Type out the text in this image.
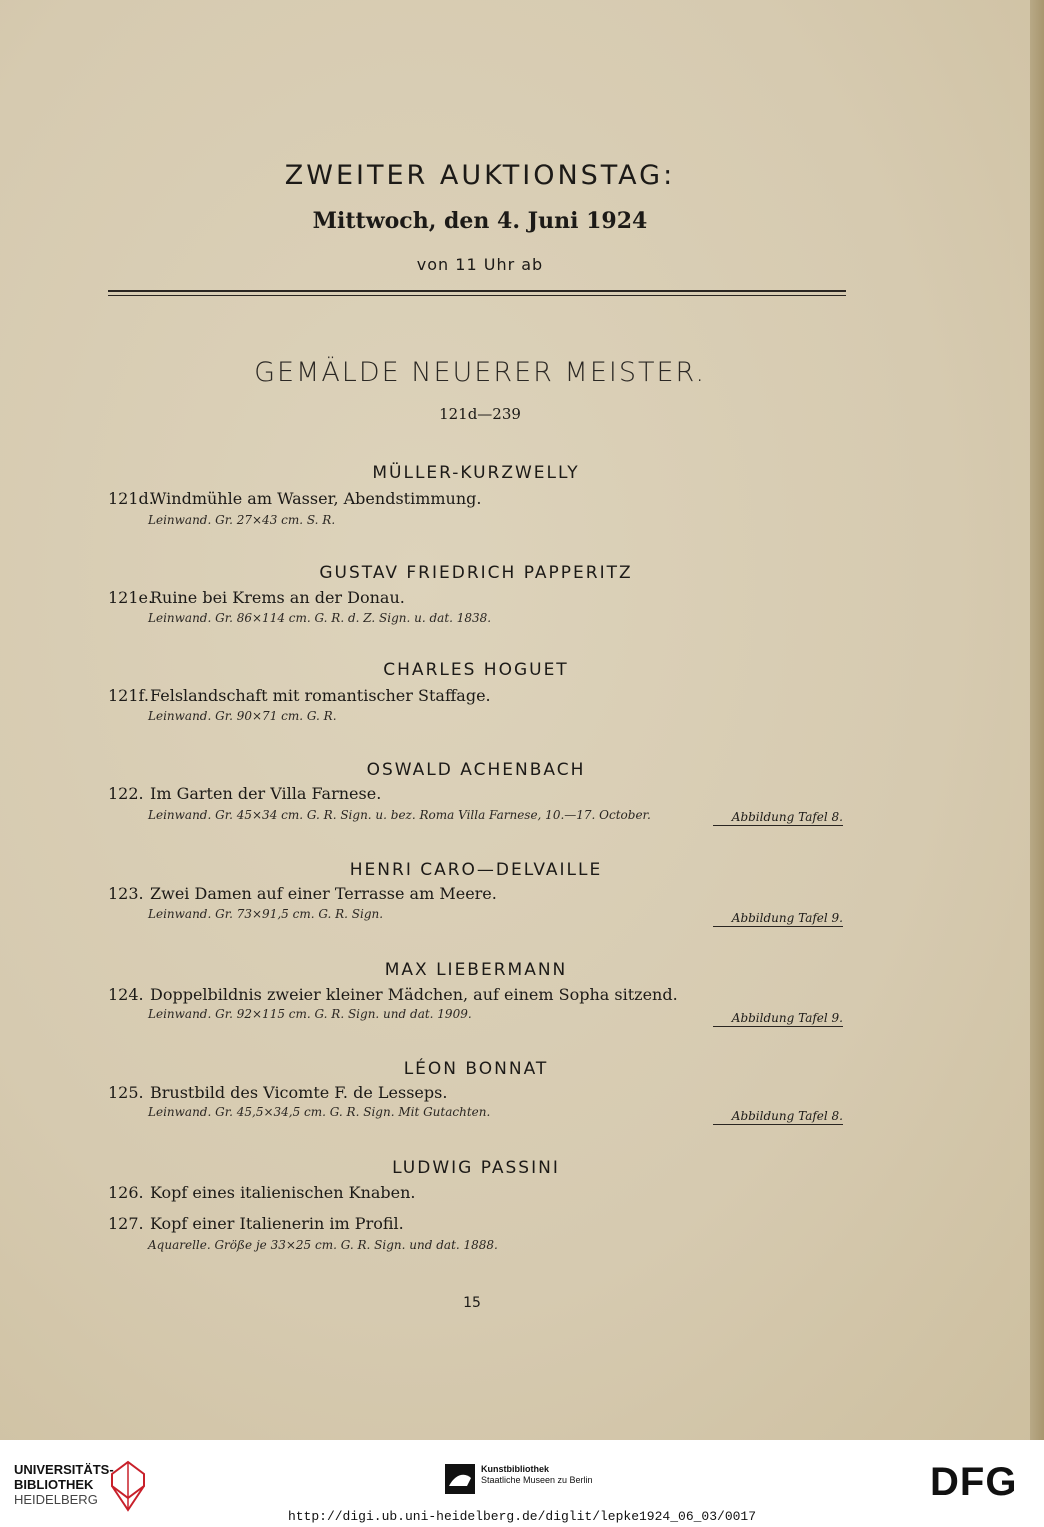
ZWEITER AUKTIONSTAG:
Mittwoch, den 4. Juni 1924
von 11 Uhr ab
GEMÄLDE NEUERER MEISTER.
121d—239
MÜLLER-KURZWELLY
121d.Windmühle am Wasser, Abendstimmung.
Leinwand. Gr. 27×43 cm. S. R.
GUSTAV FRIEDRICH PAPPERITZ
121e.Ruine bei Krems an der Donau.
Leinwand. Gr. 86×114 cm. G. R. d. Z. Sign. u. dat. 1838.
CHARLES HOGUET
121f.Felslandschaft mit romantischer Staffage.
Leinwand. Gr. 90×71 cm. G. R.
OSWALD ACHENBACH
122. Im Garten der Villa Farnese.
Leinwand. Gr. 45×34 cm. G. R. Sign. u. bez. Roma Villa Farnese, 10.—17. October.	Abbildung Tafel 8.
HENRI CARO—DELVAILLE
123. Zwei Damen auf einer Terrasse am Meere.
Leinwand. Gr. 73×91,5 cm. G. R. Sign.	Abbildung Tafel 9.
MAX LIEBERMANN
124. Doppelbildnis zweier kleiner Mädchen, auf einem Sopha sitzend.
Leinwand. Gr. 92×115 cm. G. R. Sign. und dat. 1909.	Abbildung Tafel 9.
LÉON BONNAT
125. Brustbild des Vicomte F. de Lesseps.
Leinwand. Gr. 45,5×34,5 cm. G. R. Sign. Mit Gutachten.	Abbildung Tafel 8.
LUDWIG PASSINI
126. Kopf eines italienischen Knaben.
127. Kopf einer Italienerin im Profil.
Aquarelle. Größe je 33×25 cm. G. R. Sign. und dat. 1888.
15
UNIVERSITÄTS-
BIBLIOTHEK
HEIDELBERG
Kunstbibliothek
Staatliche Museen zu Berlin	DFG
http://digi.ub.uni-heidelberg.de/diglit/lepke1924_06_03/0017
